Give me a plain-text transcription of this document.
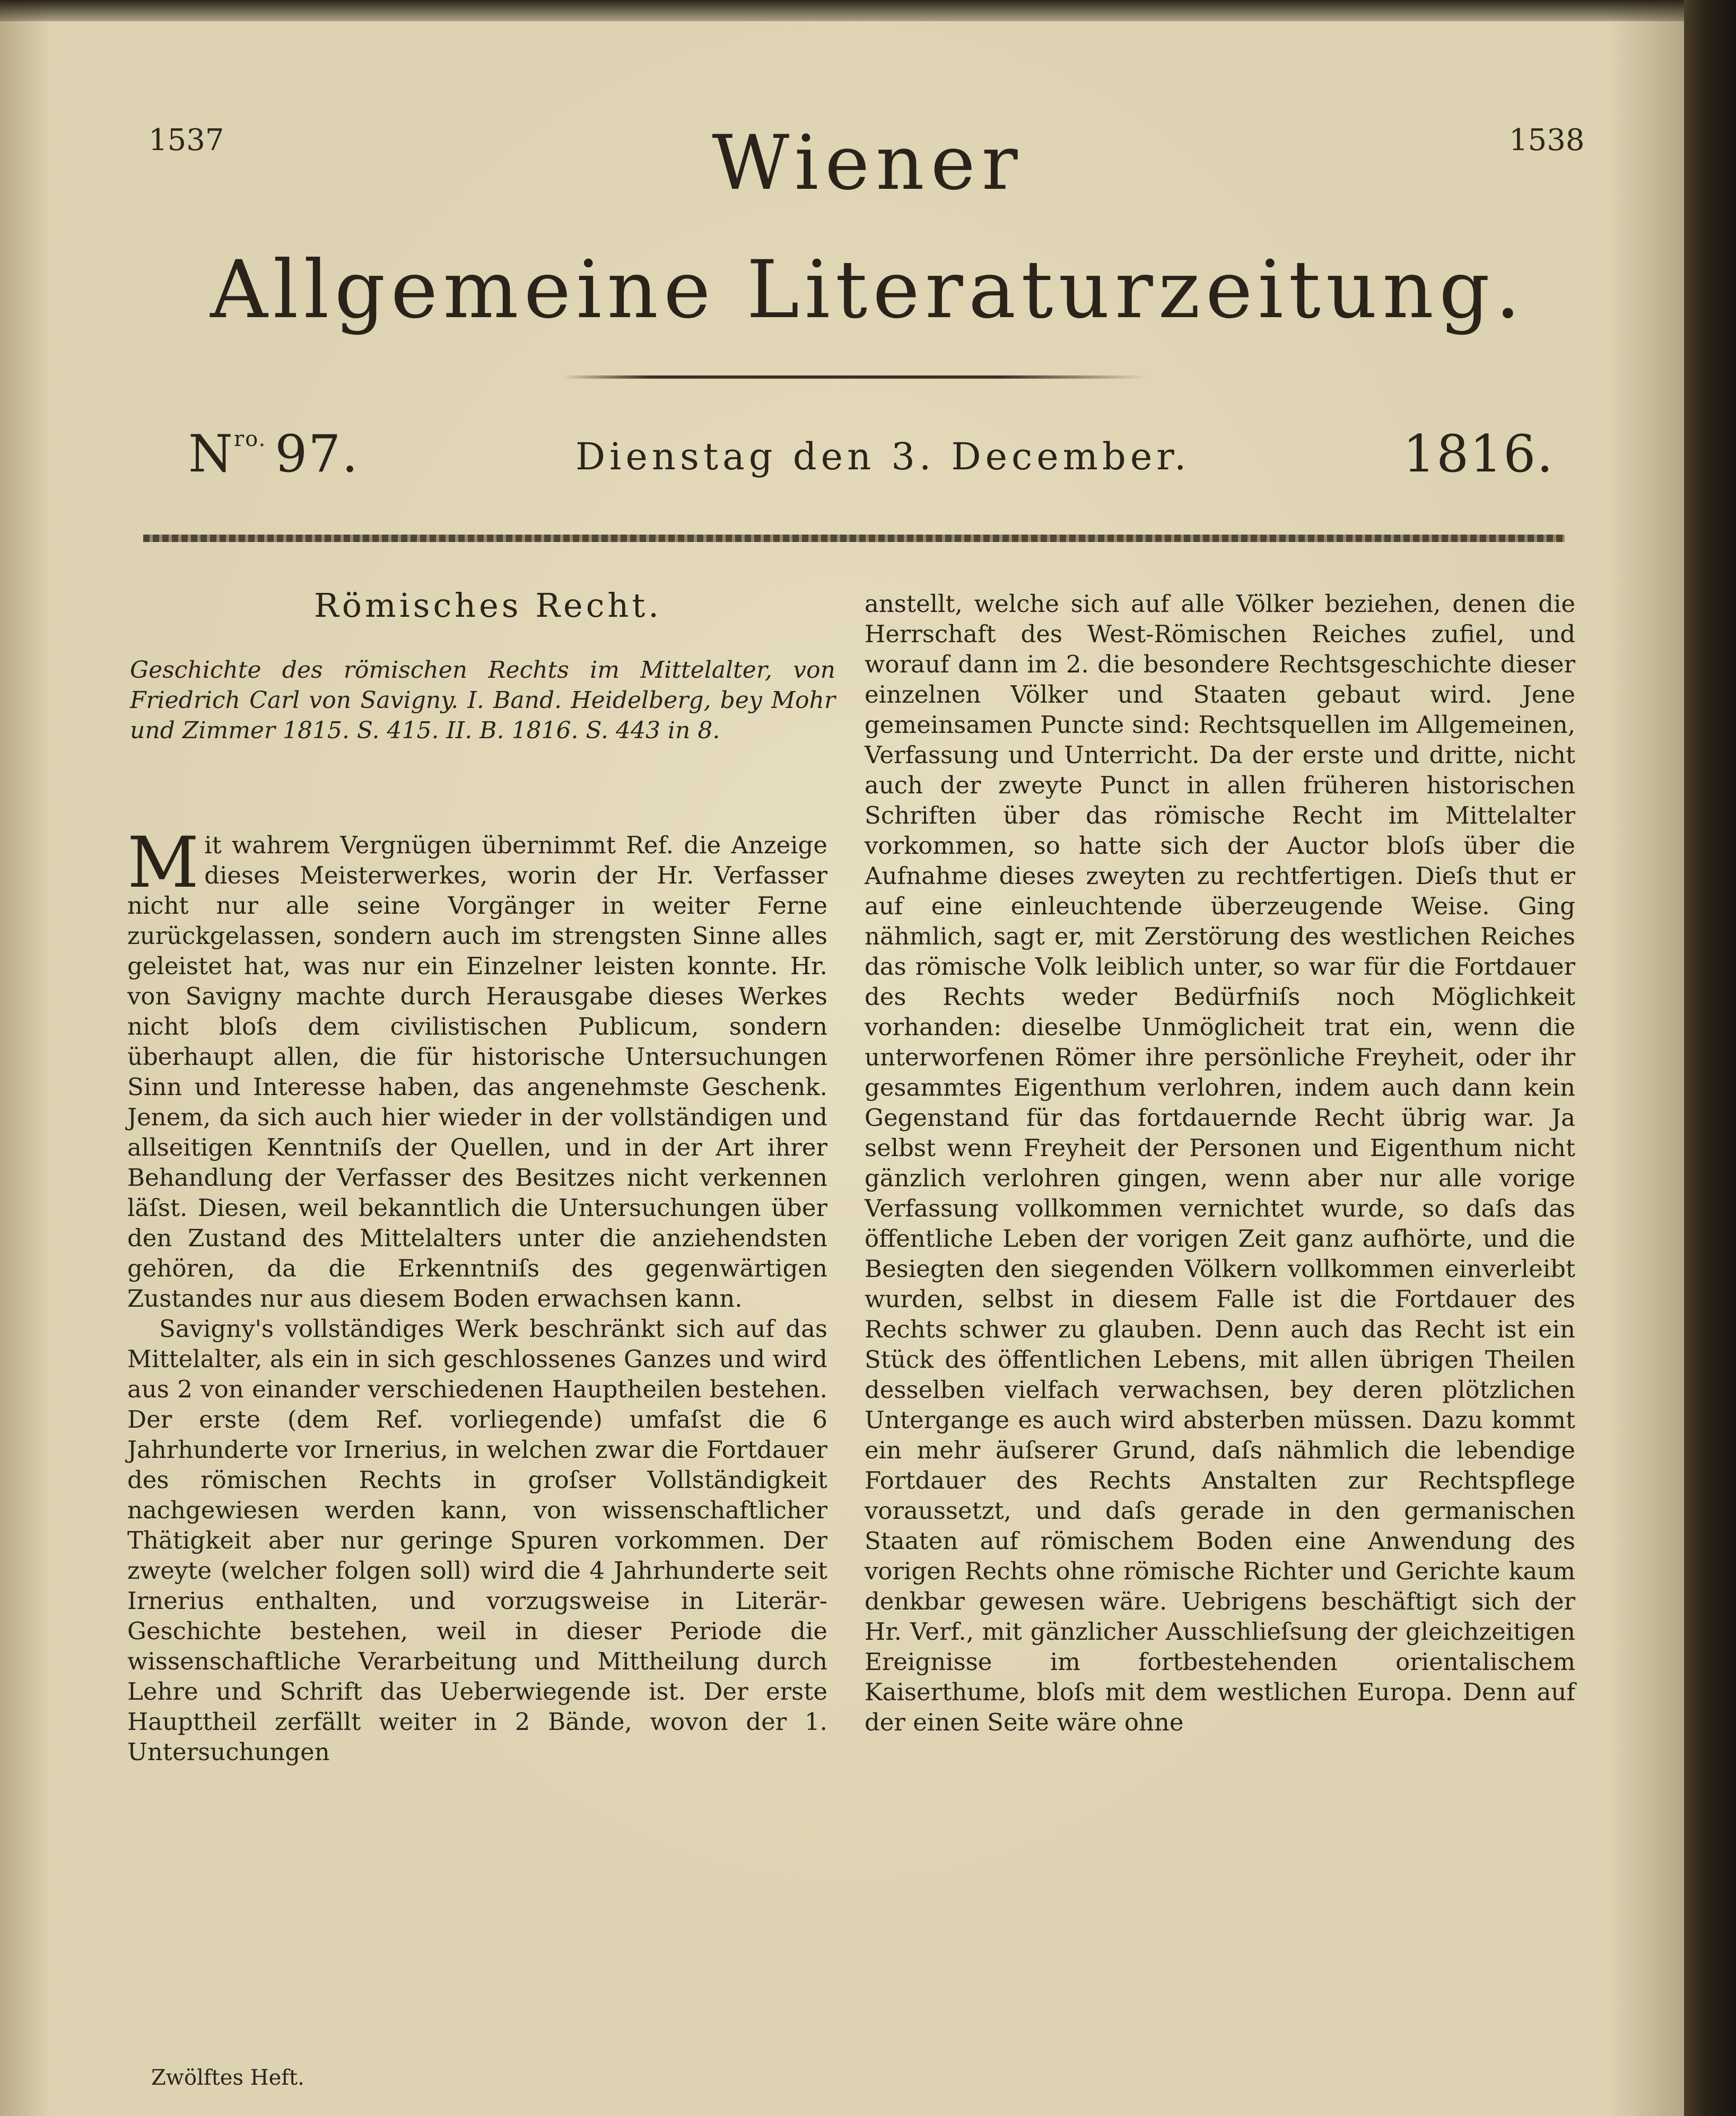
1537	1538
Wiener
Allgemeine Literaturzeitung.
$N^{ro.}$ 97.	Dienstag den 3. December.	1816.
Römisches Recht.

Geschichte des römischen Rechts im Mittelalter, von Friedrich Carl von Savigny. I. Band. Heidelberg, bey Mohr und Zimmer 1815. S. 415. II. B. 1816. S. 443 in 8.

Mit wahrem Vergnügen übernimmt Ref. die Anzeige dieses Meisterwerkes, worin der Hr. Verfasser nicht nur alle seine Vorgänger in weiter Ferne zurückgelassen, sondern auch im strengsten Sinne alles geleistet hat, was nur ein Einzelner leisten konnte. Hr. von Savigny machte durch Herausgabe dieses Werkes nicht bloſs dem civilistischen Publicum, sondern überhaupt allen, die für historische Untersuchungen Sinn und Interesse haben, das angenehmste Geschenk. Jenem, da sich auch hier wieder in der vollständigen und allseitigen Kenntniſs der Quellen, und in der Art ihrer Behandlung der Verfasser des Besitzes nicht verkennen läſst. Diesen, weil bekanntlich die Untersuchungen über den Zustand des Mittelalters unter die anziehendsten gehören, da die Erkenntniſs des gegenwärtigen Zustandes nur aus diesem Boden erwachsen kann.

Savigny's vollständiges Werk beschränkt sich auf das Mittelalter, als ein in sich geschlossenes Ganzes und wird aus 2 von einander verschiedenen Hauptheilen bestehen. Der erste (dem Ref. vorliegende) umfaſst die 6 Jahrhunderte vor Irnerius, in welchen zwar die Fortdauer des römischen Rechts in groſser Vollständigkeit nachgewiesen werden kann, von wissenschaftlicher Thätigkeit aber nur geringe Spuren vorkommen. Der zweyte (welcher folgen soll) wird die 4 Jahrhunderte seit Irnerius enthalten, und vorzugsweise in Literär-Geschichte bestehen, weil in dieser Periode die wissenschaftliche Verarbeitung und Mittheilung durch Lehre und Schrift das Ueberwiegende ist. Der erste Haupttheil zerfällt weiter in 2 Bände, wovon der 1. Untersuchungen

anstellt, welche sich auf alle Völker beziehen, denen die Herrschaft des West-Römischen Reiches zufiel, und worauf dann im 2. die besondere Rechtsgeschichte dieser einzelnen Völker und Staaten gebaut wird. Jene gemeinsamen Puncte sind: Rechtsquellen im Allgemeinen, Verfassung und Unterricht. Da der erste und dritte, nicht auch der zweyte Punct in allen früheren historischen Schriften über das römische Recht im Mittelalter vorkommen, so hatte sich der Auctor bloſs über die Aufnahme dieses zweyten zu rechtfertigen. Dieſs thut er auf eine einleuchtende überzeugende Weise. Ging nähmlich, sagt er, mit Zerstörung des westlichen Reiches das römische Volk leiblich unter, so war für die Fortdauer des Rechts weder Bedürfniſs noch Möglichkeit vorhanden: dieselbe Unmöglicheit trat ein, wenn die unterworfenen Römer ihre persönliche Freyheit, oder ihr gesammtes Eigenthum verlohren, indem auch dann kein Gegenstand für das fortdauernde Recht übrig war. Ja selbst wenn Freyheit der Personen und Eigenthum nicht gänzlich verlohren gingen, wenn aber nur alle vorige Verfassung vollkommen vernichtet wurde, so daſs das öffentliche Leben der vorigen Zeit ganz aufhörte, und die Besiegten den siegenden Völkern vollkommen einverleibt wurden, selbst in diesem Falle ist die Fortdauer des Rechts schwer zu glauben. Denn auch das Recht ist ein Stück des öffentlichen Lebens, mit allen übrigen Theilen desselben vielfach verwachsen, bey deren plötzlichen Untergange es auch wird absterben müssen. Dazu kommt ein mehr äuſserer Grund, daſs nähmlich die lebendige Fortdauer des Rechts Anstalten zur Rechtspflege voraussetzt, und daſs gerade in den germanischen Staaten auf römischem Boden eine Anwendung des vorigen Rechts ohne römische Richter und Gerichte kaum denkbar gewesen wäre. Uebrigens beschäftigt sich der Hr. Verf., mit gänzlicher Ausschlieſsung der gleichzeitigen Ereignisse im fortbestehenden orientalischem Kaiserthume, bloſs mit dem westlichen Europa. Denn auf der einen Seite wäre ohne

Zwölftes Heft.
